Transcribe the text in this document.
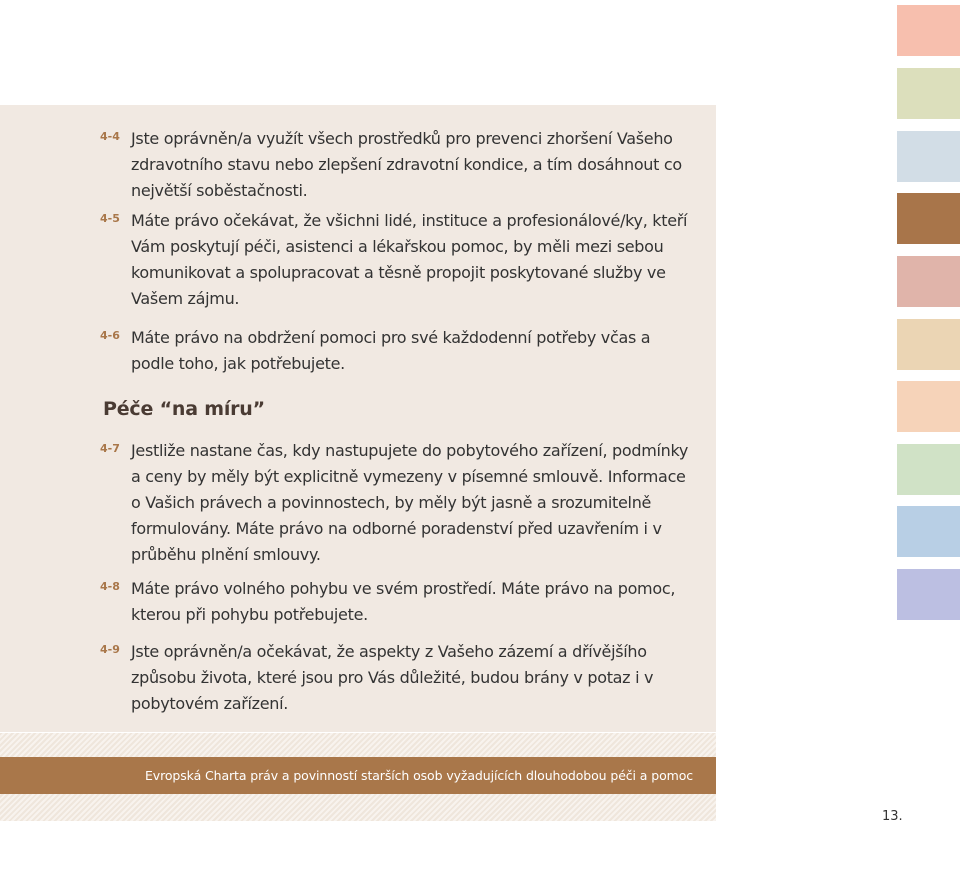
4-4 Jste oprávněn/a využít všech prostředků pro prevenci zhoršení Vašeho zdravotního stavu nebo zlepšení zdravotní kondice, a tím dosáhnout co největší soběstačnosti.
4-5 Máte právo očekávat, že všichni lidé, instituce a profesionálové/ky, kteří Vám poskytují péči, asistenci a lékařskou pomoc, by měli mezi sebou komunikovat a spolupracovat a těsně propojit poskytované služby ve Vašem zájmu.
4-6 Máte právo na obdržení pomoci pro své každodenní potřeby včas a podle toho, jak potřebujete.
4-7 Jestliže nastane čas, kdy nastupujete do pobytového zařízení, podmínky a ceny by měly být explicitně vymezeny v písemné smlouvě. Informace o Vašich právech a povinnostech, by měly být jasně a srozumitelně formulovány. Máte právo na odborné poradenství před uzavřením i v průběhu plnění smlouvy.
4-8 Máte právo volného pohybu ve svém prostředí. Máte právo na pomoc, kterou při pohybu potřebujete.
4-9 Jste oprávněn/a očekávat, že aspekty z Vašeho zázemí a dřívějšího způsobu života, které jsou pro Vás důležité, budou brány v potaz i v pobytovém zařízení.
Péče “na míru”
Evropská Charta práv a povinností starších osob vyžadujících dlouhodobou péči a pomoc
13.
